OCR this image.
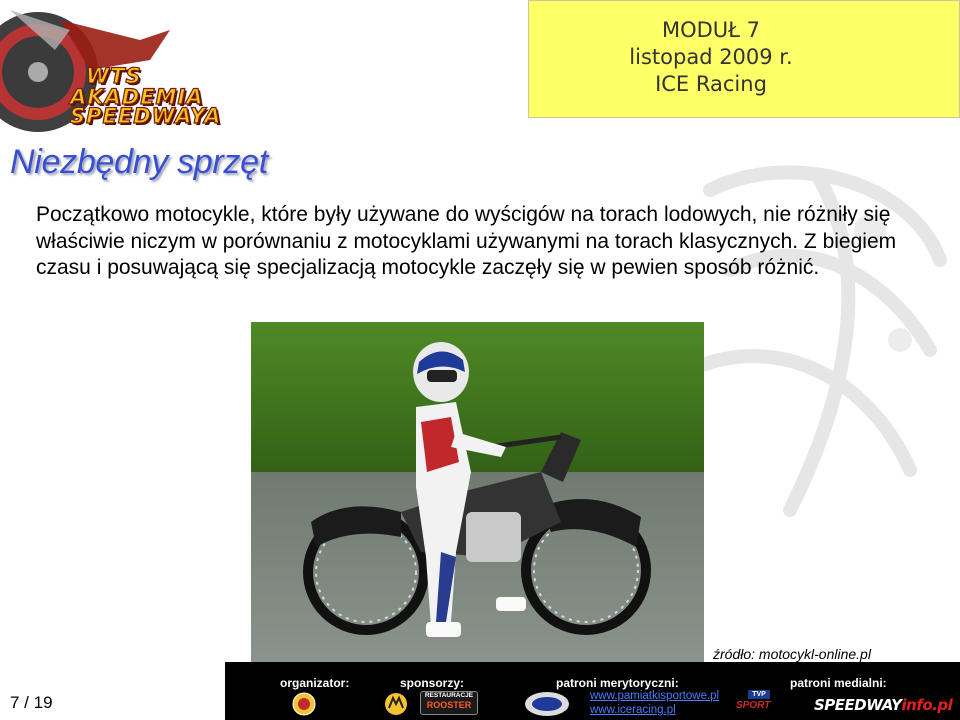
WTS
AKADEMIA
SPEEDWAYA
MODUŁ 7
listopad 2009 r.
ICE Racing
Niezbędny sprzęt
Początkowo motocykle, które były używane do wyścigów na torach lodowych, nie różniły się właściwie niczym w porównaniu z motocyklami używanymi na torach klasycznych. Z biegiem czasu i posuwającą się specjalizacją motocykle zaczęły się w pewien sposób różnić.
źródło: motocykl-online.pl
organizator:	sponsorzy:	patroni merytoryczni:	patroni medialni:
RESTAURACJE
ROOSTER
www.pamiatkisportowe.pl
www.iceracing.pl
TVP
SPORT	SPEEDWAYinfo.pl
7 / 19
